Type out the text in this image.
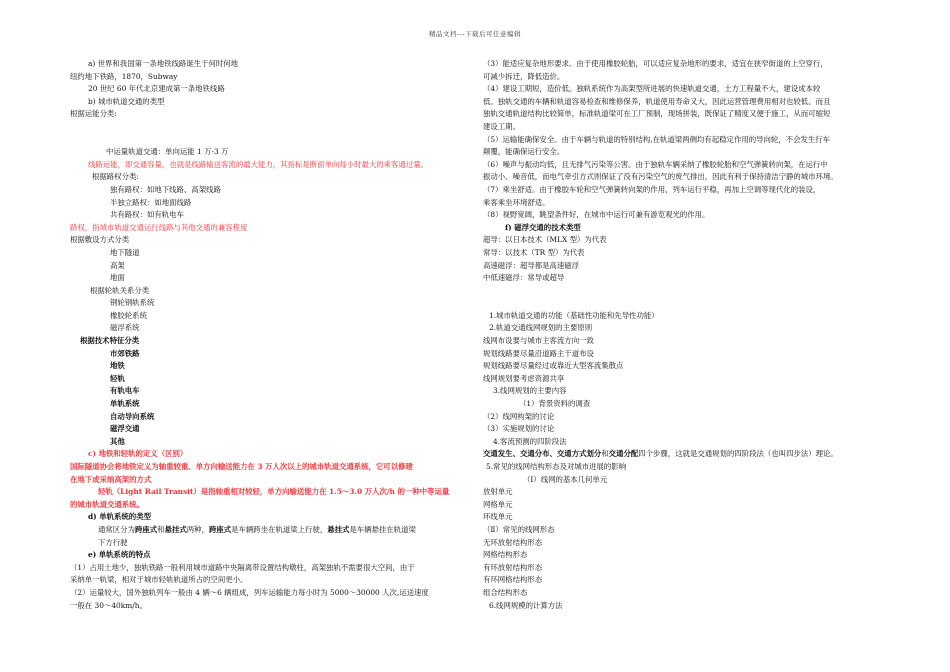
精品文档---下载后可任意编辑
a) 世界和我国第一条地铁线路诞生于何时何地
纽约地下铁路，1870，Subway
20 世纪 60 年代北京建成第一条地铁线路
b) 城市轨道交通的类型
根据运能分类:
中运量轨道交通：单向运能 1 万-3 万
线路运能，即交通容量，也就是线路输送客流的最大能力，其指标是断面单向每小时最大的乘客通过量。
根据路权分类:
独有路权：如地下线路、高架线路
半独立路权：如地面线路
共有路权：如有轨电车
路权，指城市轨道交通运行线路与其他交通的兼容程度
根据敷设方式分类
地下隧道
高架
地面
根据轮轨关系分类
钢轮钢轨系统
橡胶轮系统
磁浮系统
根据技术特征分类
市郊铁路
地铁
轻轨
有轨电车
单轨系统
自动导向系统
磁浮交通
其他
c) 地铁和轻轨的定义（区别）
国际隧道协会将地铁定义为轴重较重、单方向输送能力在 3 万人次以上的城市轨道交通系统，它可以修建
在地下或采纳高架的方式
轻轨（Light Rail Transit）是指轴重相对较轻，单方向输送能力在 1.5～3.0 万人次/h 的一种中等运量
的城市轨道交通系统。
d) 单轨系统的类型
通常区分为跨座式和悬挂式两种，跨座式是车辆跨坐在轨道梁上行驶，悬挂式是车辆悬挂在轨道梁
下方行驶
e) 单轨系统的特点
（1）占用土地少，独轨铁路一般利用城市道路中央隔离带设置结构墩柱，高架独轨不需要很大空间，由于
采纳单一轨梁，相对于城市轻轨轨道所占的空间更小。
（2）运量较大，国外独轨列车一般由 4 辆～6 辆组成，列车运输能力每小时为 5000～30000 人次,运送速度
一般在 30～40km/h。
（3）能适应复杂地形要求。由于使用橡胶轮胎，可以适应复杂地形的要求，适宜在狭窄街道的上空穿行，
可减少拆迁，降低造价。
（4）建设工期短，造价低。独轨系统作为高架型所进展的快速轨道交通，土方工程量不大，建设成本较
低。独轨交通的车辆和轨道容易检查和维修保养，轨道使用寿命又大，因此运营管理费用相对也较低。而且
独轨交通轨道结构比较简单，标准轨道梁可在工厂预制，现场拼装，既保证了精度又便于施工，从而可缩短
建设工期。
（5）运输能确保安全。由于车辆与轨道的特别结构,在轨道梁两侧均有起稳定作用的导向轮，不会发生行车
颠覆，能确保运行安全。
（6）噪声与振动均低，且无排气污染等公害。由于独轨车辆采纳了橡胶轮胎和空气弹簧转向架，在运行中
振动小、噪音低，而电气牵引方式则保证了没有污染空气的废气排出，因此有利于保持清洁宁静的城市环境。
（7）乘坐舒适。由于橡胶车轮和空气弹簧转向架的作用，列车运行平稳，再加上空调等现代化的装设，
乘客乘坐环境舒适。
（8）视野宽阔，眺望条件好，在城市中运行可兼有游览观光的作用。
f) 磁浮交通的技术类型
超导：以日本技术（MLX 型）为代表
常导：以技术（TR 型）为代表
高速磁浮：超导都是高速磁浮
中低速磁浮：常导或超导
1.城市轨道交通的功能（基础性功能和先导性功能）
2.轨道交通线网规划的主要原则
线网布设要与城市主客流方向一致
规划线路要尽量沿道路主干道布设
规划线路要尽量经过或靠近大型客流集散点
线网规划要考虑资源共享
3.线网规划的主要内容
（1）背景资料的调查
（2）线网构架的讨论
（3）实施规划的讨论
4.客流预测的四阶段法
交通发生、交通分布、交通方式划分和交通分配四个步骤，这就是交通规划的四阶段法（也叫四步法）理论。
5.常见的线网结构形态及对城市进展的影响
（Ⅰ）线网的基本几何单元
放射单元
网格单元
环线单元
（Ⅱ）常见的线网形态
无环放射结构形态
网格结构形态
有环放射结构形态
有环网格结构形态
组合结构形态
6.线网规模的计算方法
